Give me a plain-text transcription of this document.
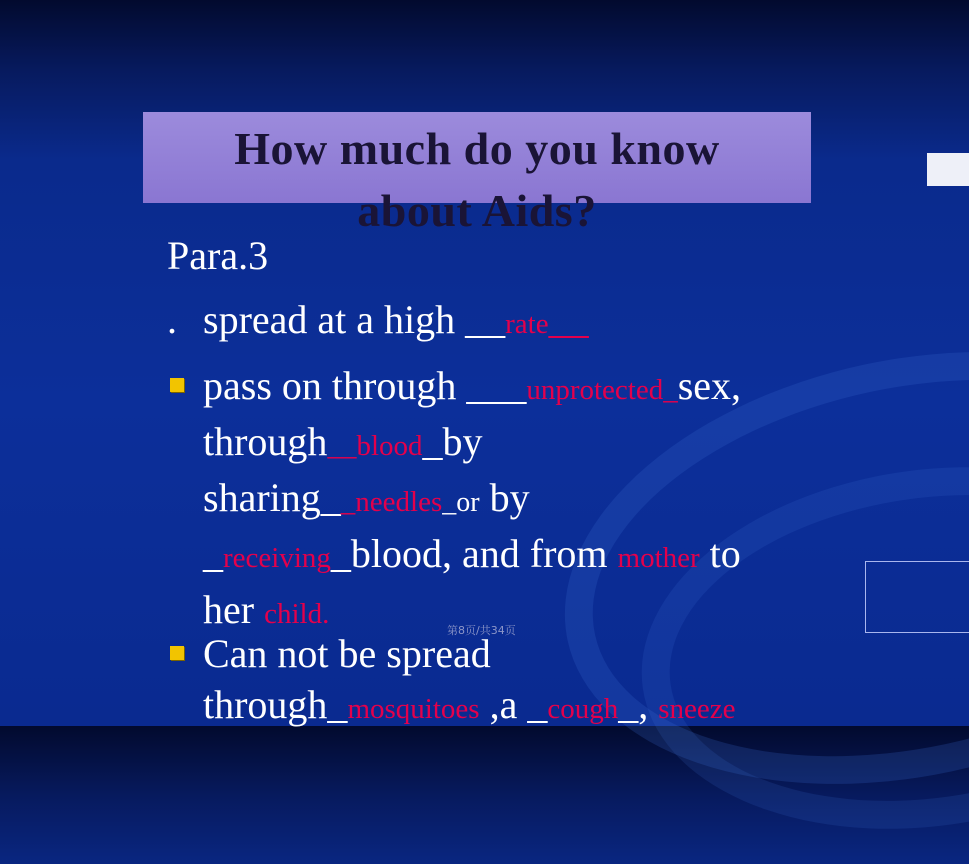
How much do you know
about Aids?
Para.3
. spread at a high __rate__
pass on through ___unprotected_sex,
through__blood_by
sharing__needles_or by
_receiving_blood, and from mother to
her child.
Can not be spread
through_mosquitoes ,a _cough_, sneeze
第8页/共34页
